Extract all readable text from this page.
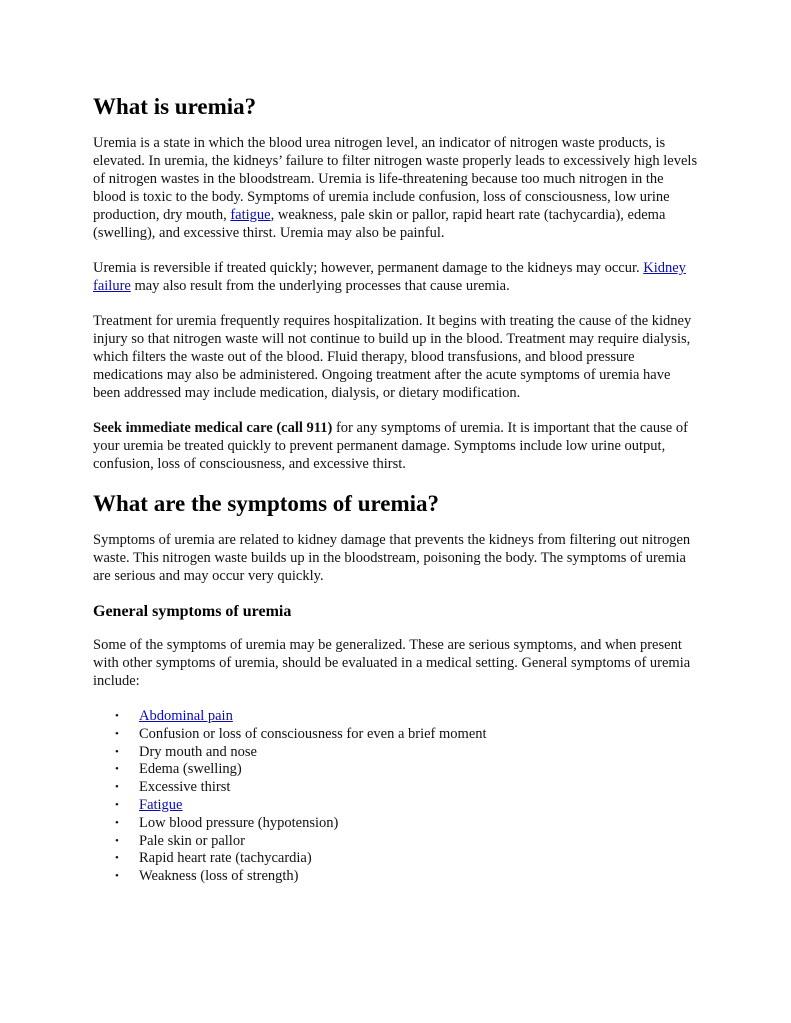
What is uremia?

Uremia is a state in which the blood urea nitrogen level, an indicator of nitrogen waste products, is elevated. In uremia, the kidneys’ failure to filter nitrogen waste properly leads to excessively high levels of nitrogen wastes in the bloodstream. Uremia is life-threatening because too much nitrogen in the blood is toxic to the body. Symptoms of uremia include confusion, loss of consciousness, low urine production, dry mouth, fatigue, weakness, pale skin or pallor, rapid heart rate (tachycardia), edema (swelling), and excessive thirst. Uremia may also be painful.

Uremia is reversible if treated quickly; however, permanent damage to the kidneys may occur. Kidney failure may also result from the underlying processes that cause uremia.

Treatment for uremia frequently requires hospitalization. It begins with treating the cause of the kidney injury so that nitrogen waste will not continue to build up in the blood. Treatment may require dialysis, which filters the waste out of the blood. Fluid therapy, blood transfusions, and blood pressure medications may also be administered. Ongoing treatment after the acute symptoms of uremia have been addressed may include medication, dialysis, or dietary modification.

Seek immediate medical care (call 911) for any symptoms of uremia. It is important that the cause of your uremia be treated quickly to prevent permanent damage. Symptoms include low urine output, confusion, loss of consciousness, and excessive thirst.

What are the symptoms of uremia?

Symptoms of uremia are related to kidney damage that prevents the kidneys from filtering out nitrogen waste. This nitrogen waste builds up in the bloodstream, poisoning the body. The symptoms of uremia are serious and may occur very quickly.

General symptoms of uremia

Some of the symptoms of uremia may be generalized. These are serious symptoms, and when present with other symptoms of uremia, should be evaluated in a medical setting. General symptoms of uremia include:

• Abdominal pain
• Confusion or loss of consciousness for even a brief moment
• Dry mouth and nose
• Edema (swelling)
• Excessive thirst
• Fatigue
• Low blood pressure (hypotension)
• Pale skin or pallor
• Rapid heart rate (tachycardia)
• Weakness (loss of strength)
